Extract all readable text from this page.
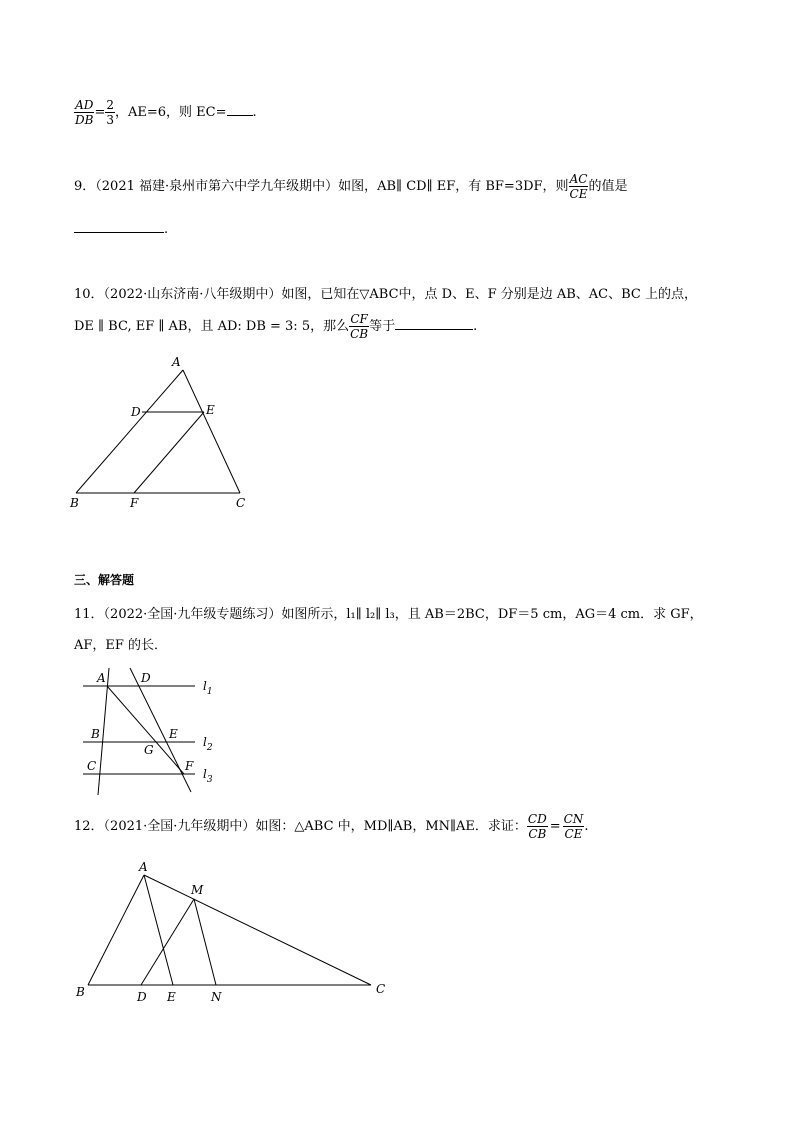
$\frac{AD}{DB} = \frac{2}{3}$ ，AE=6，则 EC= .
9．（2021 福建·泉州市第六中学九年级期中）如图，AB∥ CD∥ EF，有 BF=3DF，则 $\frac{AC}{CE}$ 的值是
.
10．（2022·山东济南·八年级期中）如图，已知在▽ABC中，点 D、E、F 分别是边 AB、AC、BC 上的点，
DE ∥ BC, EF ∥ AB，且 AD: DB = 3: 5，那么 $\frac{CF}{CB}$ 等于	.
A
D	E
B	F	C
三、解答题
11．（2022·全国·九年级专题练习）如图所示，l₁∥ l₂∥ l₃，且 AB＝2BC，DF＝5 cm，AG＝4 cm．求 GF，
AF，EF 的长．
A	D
B	E
G
C	F
$l_1$
$l_2$
$l_3$
12．（2021·全国·九年级期中）如图：△ABC 中，MD∥AB，MN∥AE．求证： $\frac{CD}{CB} = \frac{CN}{CE}$ .
A
M
B	D E	N
C
